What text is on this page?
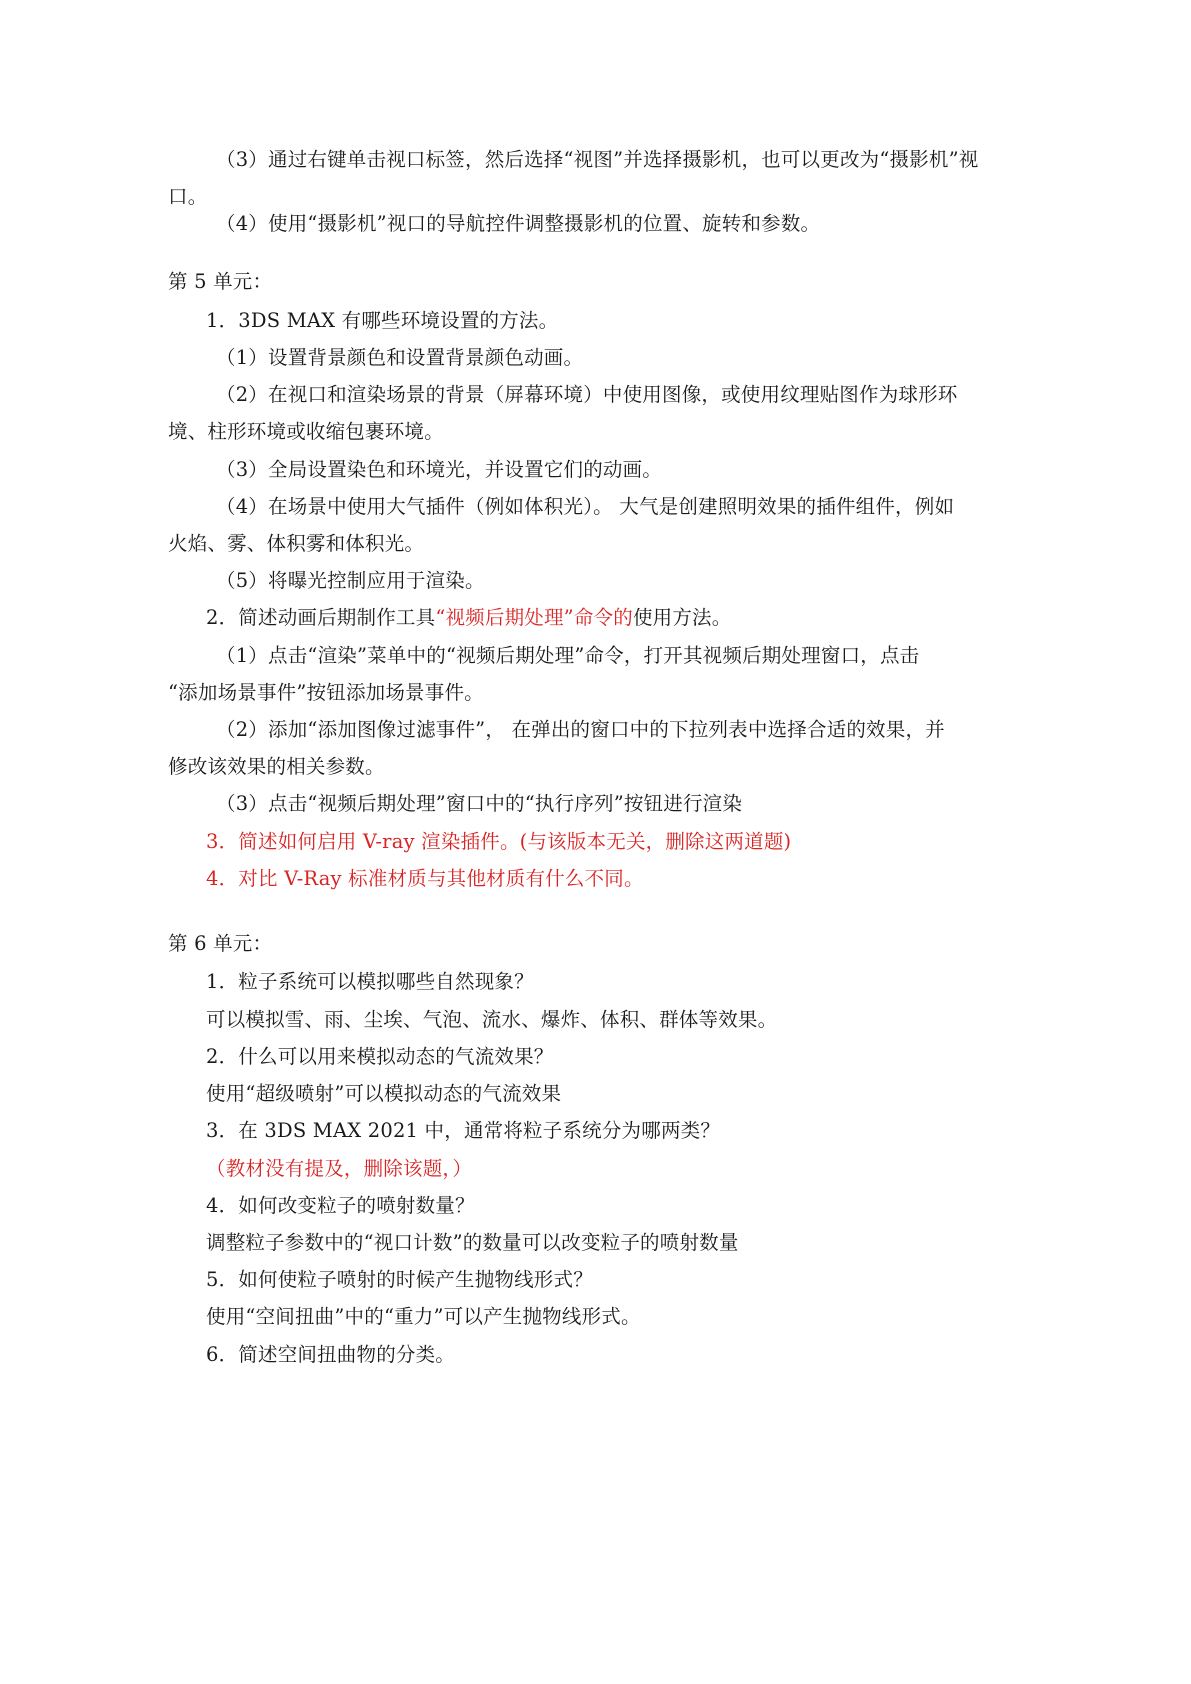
（3）通过右键单击视口标签，然后选择“视图”并选择摄影机，也可以更改为“摄影机”视
口。
（4）使用“摄影机”视口的导航控件调整摄影机的位置、旋转和参数。
第 5 单元：
1．3DS MAX 有哪些环境设置的方法。
（1）设置背景颜色和设置背景颜色动画。
（2）在视口和渲染场景的背景（屏幕环境）中使用图像，或使用纹理贴图作为球形环
境、柱形环境或收缩包裹环境。
（3）全局设置染色和环境光，并设置它们的动画。
（4）在场景中使用大气插件（例如体积光）。 大气是创建照明效果的插件组件，例如
火焰、雾、体积雾和体积光。
（5）将曝光控制应用于渲染。
2．简述动画后期制作工具“视频后期处理”命令的使用方法。
（1）点击“渲染”菜单中的“视频后期处理”命令，打开其视频后期处理窗口，点击
“添加场景事件”按钮添加场景事件。
（2）添加“添加图像过滤事件”， 在弹出的窗口中的下拉列表中选择合适的效果，并
修改该效果的相关参数。
（3）点击“视频后期处理”窗口中的“执行序列”按钮进行渲染
3．简述如何启用 V-ray 渲染插件。(与该版本无关，删除这两道题)
4．对比 V-Ray 标准材质与其他材质有什么不同。
第 6 单元：
1．粒子系统可以模拟哪些自然现象？
可以模拟雪、雨、尘埃、气泡、流水、爆炸、体积、群体等效果。
2．什么可以用来模拟动态的气流效果？
使用“超级喷射”可以模拟动态的气流效果
3．在 3DS MAX 2021 中，通常将粒子系统分为哪两类？
（教材没有提及，删除该题，）
4．如何改变粒子的喷射数量？
调整粒子参数中的“视口计数”的数量可以改变粒子的喷射数量
5．如何使粒子喷射的时候产生抛物线形式？
使用“空间扭曲”中的“重力”可以产生抛物线形式。
6．简述空间扭曲物的分类。
